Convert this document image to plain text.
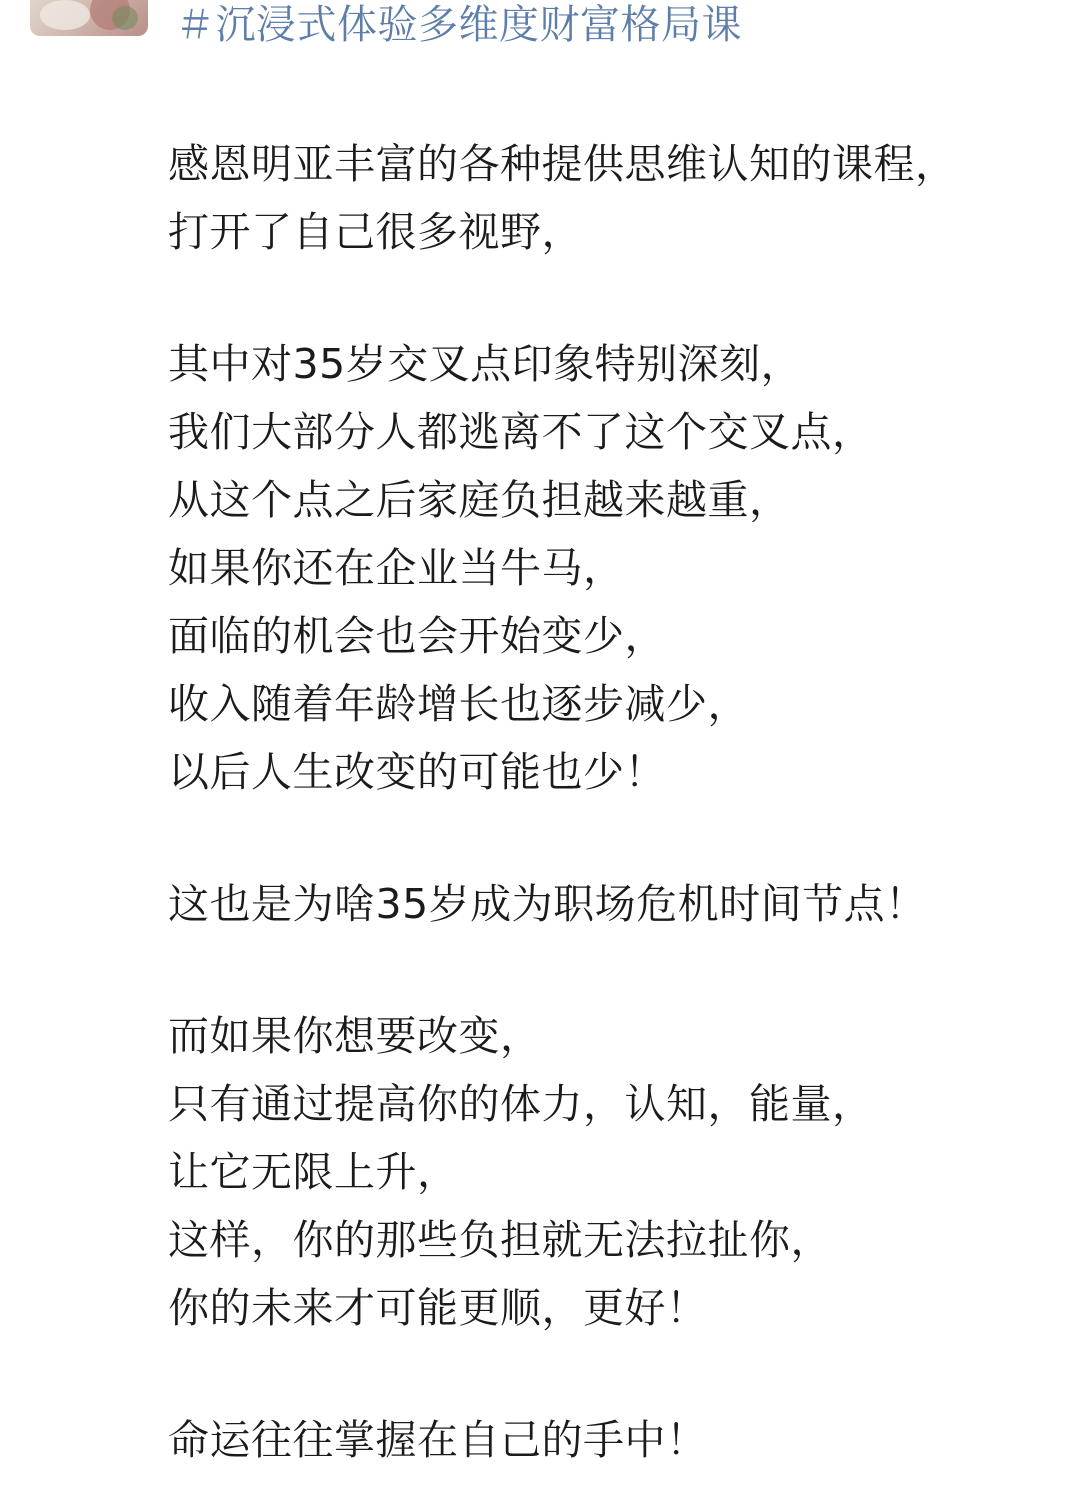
＃沉浸式体验多维度财富格局课
感恩明亚丰富的各种提供思维认知的课程，
打开了自己很多视野，
其中对35岁交叉点印象特别深刻，
我们大部分人都逃离不了这个交叉点，
从这个点之后家庭负担越来越重，
如果你还在企业当牛马，
面临的机会也会开始变少，
收入随着年龄增长也逐步减少，
以后人生改变的可能也少！
这也是为啥35岁成为职场危机时间节点！
而如果你想要改变，
只有通过提高你的体力，认知，能量，
让它无限上升，
这样，你的那些负担就无法拉扯你，
你的未来才可能更顺，更好！
命运往往掌握在自己的手中！
